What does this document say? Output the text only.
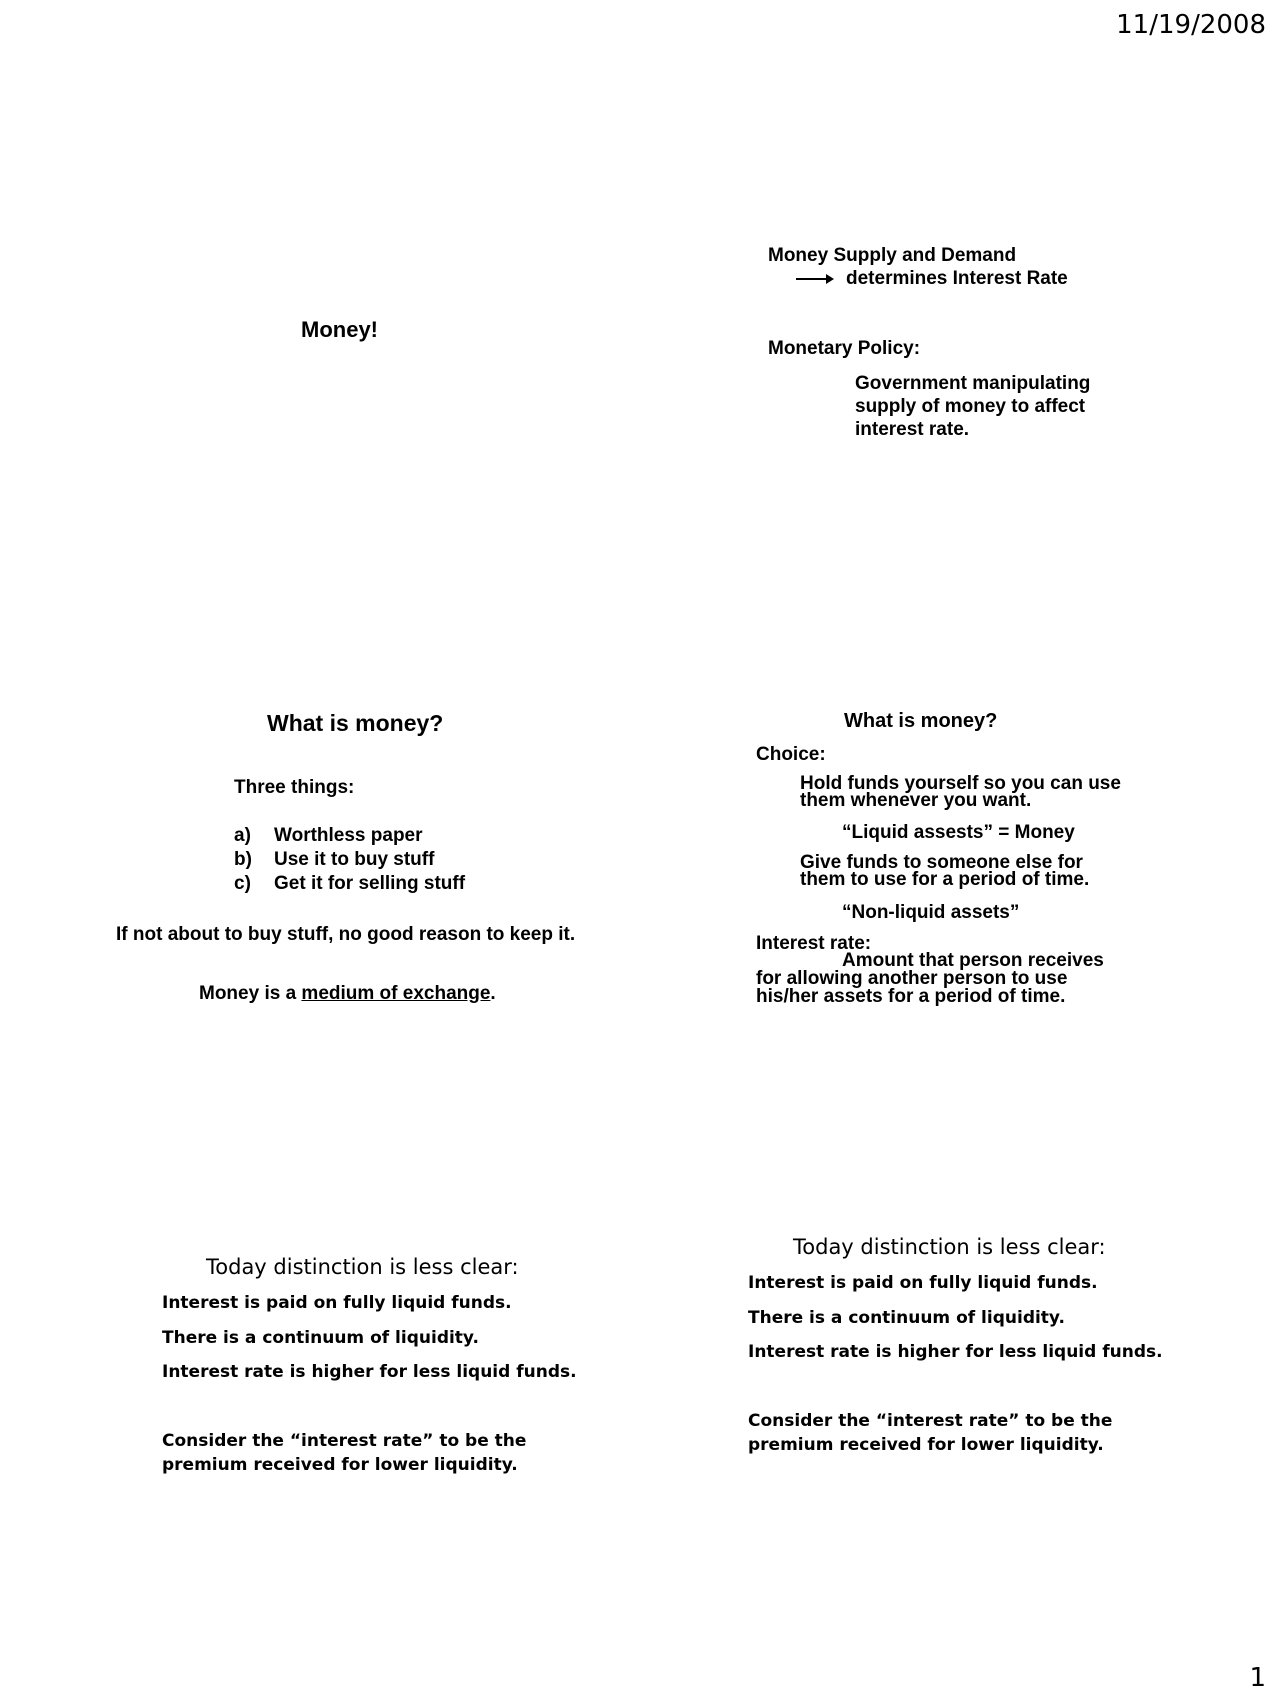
11/19/2008
1
Money!
Money Supply and Demand
determines Interest Rate
Monetary Policy:
Government manipulating
supply of money to affect
interest rate.
What is money?
Three things:
a) Worthless paper
b) Use it to buy stuff
c) Get it for selling stuff
If not about to buy stuff, no good reason to keep it.
Money is a medium of exchange.
What is money?
Choice:
Hold funds yourself so you can use
them whenever you want.
“Liquid assests” = Money
Give funds to someone else for
them to use for a period of time.
“Non-liquid assets”
Interest rate:
Amount that person receives
for allowing another person to use
his/her assets for a period of time.
Today distinction is less clear:
Interest is paid on fully liquid funds.
There is a continuum of liquidity.
Interest rate is higher for less liquid funds.
Consider the “interest rate” to be the
premium received for lower liquidity.
Today distinction is less clear:
Interest is paid on fully liquid funds.
There is a continuum of liquidity.
Interest rate is higher for less liquid funds.
Consider the “interest rate” to be the
premium received for lower liquidity.
